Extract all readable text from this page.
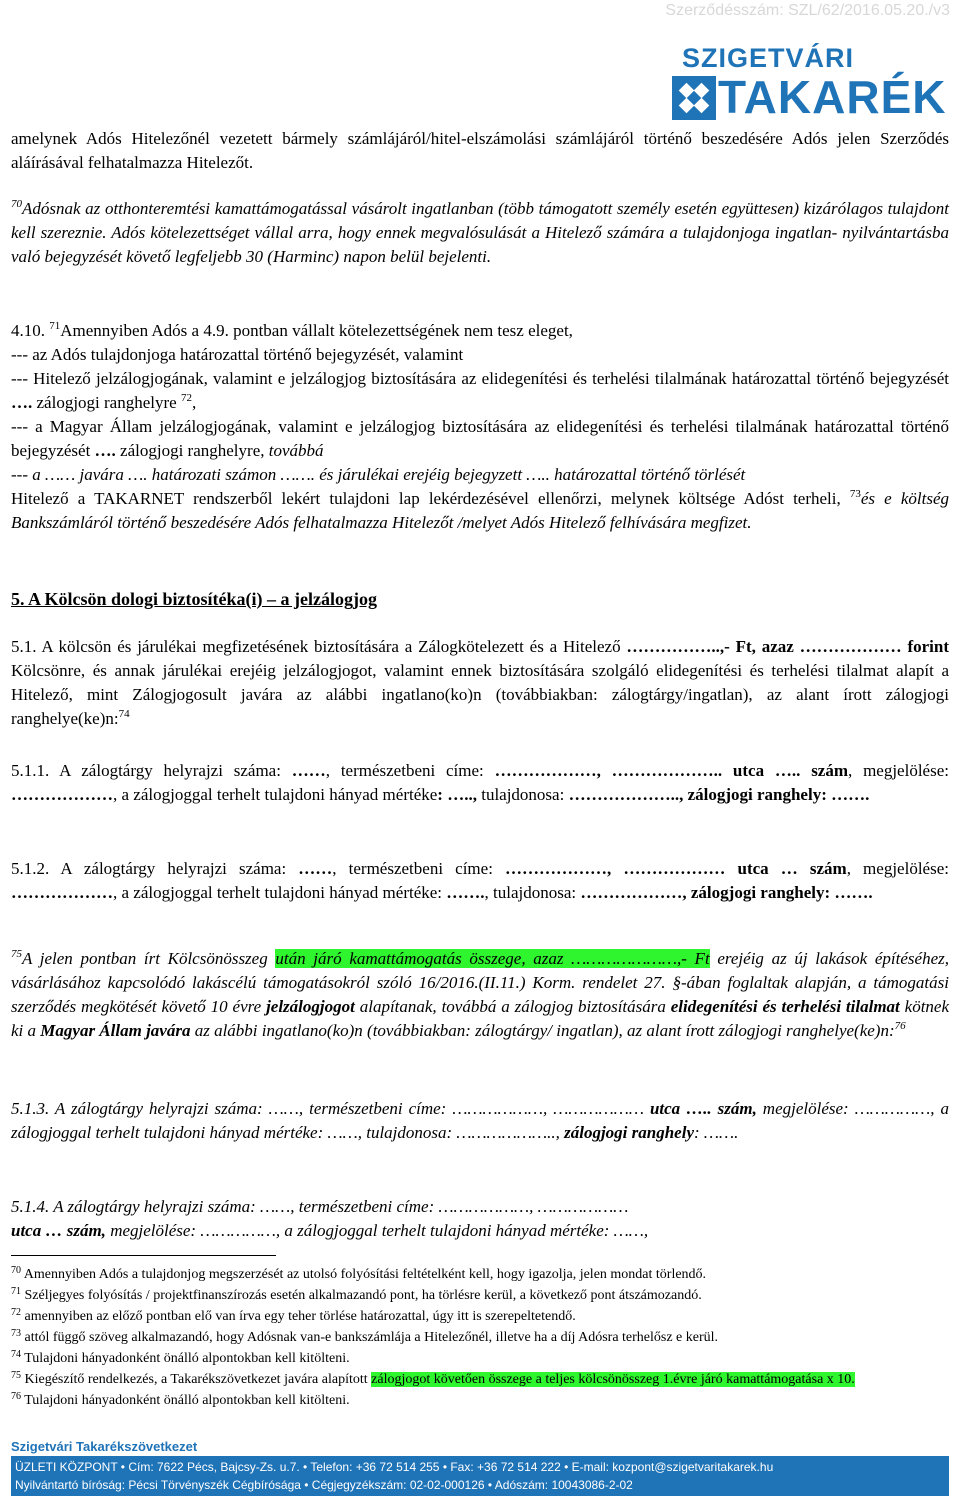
Szerződésszám: SZL/62/2016.05.20./v3
SZIGETVÁRI
TAKARÉK
amelynek Adós Hitelezőnél vezetett bármely számlájáról/hitel-elszámolási számlájáról történő beszedésére Adós jelen Szerződés aláírásával felhatalmazza Hitelezőt.
$^{70}$Adósnak az otthonteremtési kamattámogatással vásárolt ingatlanban (több támogatott személy esetén együttesen) kizárólagos tulajdont kell szereznie. Adós kötelezettséget vállal arra, hogy ennek megvalósulását a Hitelező számára a tulajdonjoga ingatlan- nyilvántartásba való bejegyzését követő legfeljebb 30 (Harminc) napon belül bejelenti.
4.10. $^{71}$Amennyiben Adós a 4.9. pontban vállalt kötelezettségének nem tesz eleget,
--- az Adós tulajdonjoga határozattal történő bejegyzését, valamint
--- Hitelező jelzálogjogának, valamint e jelzálogjog biztosítására az elidegenítési és terhelési tilalmának határozattal történő bejegyzését …. zálogjogi ranghelyre $^{72}$,
--- a Magyar Állam jelzálogjogának, valamint e jelzálogjog biztosítására az elidegenítési és terhelési tilalmának határozattal történő bejegyzését …. zálogjogi ranghelyre, továbbá
--- a …… javára …. határozati számon ……. és járulékai erejéig bejegyzett ….. határozattal történő törlését
Hitelező a TAKARNET rendszerből lekért tulajdoni lap lekérdezésével ellenőrzi, melynek költsége Adóst terheli, $^{73}$és e költség Bankszámláról történő beszedésére Adós felhatalmazza Hitelezőt /melyet Adós Hitelező felhívására megfizet.
5. A Kölcsön dologi biztosítéka(i) – a jelzálogjog
5.1. A kölcsön és járulékai megfizetésének biztosítására a Zálogkötelezett és a Hitelező ……………..,- Ft, azaz ……………… forint Kölcsönre, és annak járulékai erejéig jelzálogjogot, valamint ennek biztosítására szolgáló elidegenítési és terhelési tilalmat alapít a Hitelező, mint Zálogjogosult javára az alábbi ingatlano(ko)n (továbbiakban: zálogtárgy/ingatlan), az alant írott zálogjogi ranghelye(ke)n:$^{74}$
5.1.1. A zálogtárgy helyrajzi száma: ……, természetbeni címe: ………………, ……………….. utca ….. szám, megjelölése: ………………, a zálogjoggal terhelt tulajdoni hányad mértéke: ….., tulajdonosa: ……………….., zálogjogi ranghely: …….
5.1.2. A zálogtárgy helyrajzi száma: ……, természetbeni címe: ………………, ……………… utca … szám, megjelölése: ………………, a zálogjoggal terhelt tulajdoni hányad mértéke: ……., tulajdonosa: ………………, zálogjogi ranghely: …….
$^{75}$A jelen pontban írt Kölcsönösszeg után járó kamattámogatás összege, azaz …………………,- Ft erejéig az új lakások építéséhez, vásárlásához kapcsolódó lakáscélú támogatásokról szóló 16/2016.(II.11.) Korm. rendelet 27. §-ában foglaltak alapján, a támogatási szerződés megkötését követő 10 évre jelzálogjogot alapítanak, továbbá a zálogjog biztosítására elidegenítési és terhelési tilalmat kötnek ki a Magyar Állam javára az alábbi ingatlano(ko)n (továbbiakban: zálogtárgy/ ingatlan), az alant írott zálogjogi ranghelye(ke)n:$^{76}$
5.1.3. A zálogtárgy helyrajzi száma: ……, természetbeni címe: ………………, ……………… utca ….. szám, megjelölése: ……………, a zálogjoggal terhelt tulajdoni hányad mértéke: ……, tulajdonosa: ……………….., zálogjogi ranghely: …….
5.1.4. A zálogtárgy helyrajzi száma: ……, természetbeni címe: ………………, ………………
utca … szám, megjelölése: ……………, a zálogjoggal terhelt tulajdoni hányad mértéke: ……,
$^{70}$ Amennyiben Adós a tulajdonjog megszerzését az utolsó folyósítási feltételként kell, hogy igazolja, jelen mondat törlendő.
$^{71}$ Széljegyes folyósítás / projektfinanszírozás esetén alkalmazandó pont, ha törlésre kerül, a következő pont átszámozandó.
$^{72}$ amennyiben az előző pontban elő van írva egy teher törlése határozattal, úgy itt is szerepeltetendő.
$^{73}$ attól függő szöveg alkalmazandó, hogy Adósnak van-e bankszámlája a Hitelezőnél, illetve ha a díj Adósra terhelősz e kerül.
$^{74}$ Tulajdoni hányadonként önálló alpontokban kell kitölteni.
$^{75}$ Kiegészítő rendelkezés, a Takarékszövetkezet javára alapított zálogjogot követően összege a teljes kölcsönösszeg 1.évre járó kamattámogatása x 10.
$^{76}$ Tulajdoni hányadonként önálló alpontokban kell kitölteni.
Szigetvári Takarékszövetkezet
ÜZLETI KÖZPONT • Cím: 7622 Pécs, Bajcsy-Zs. u.7. • Telefon: +36 72 514 255 • Fax: +36 72 514 222 • E-mail: kozpont@szigetvaritakarek.hu
Nyilvántartó bíróság: Pécsi Törvényszék Cégbírósága • Cégjegyzékszám: 02-02-000126 • Adószám: 10043086-2-02
